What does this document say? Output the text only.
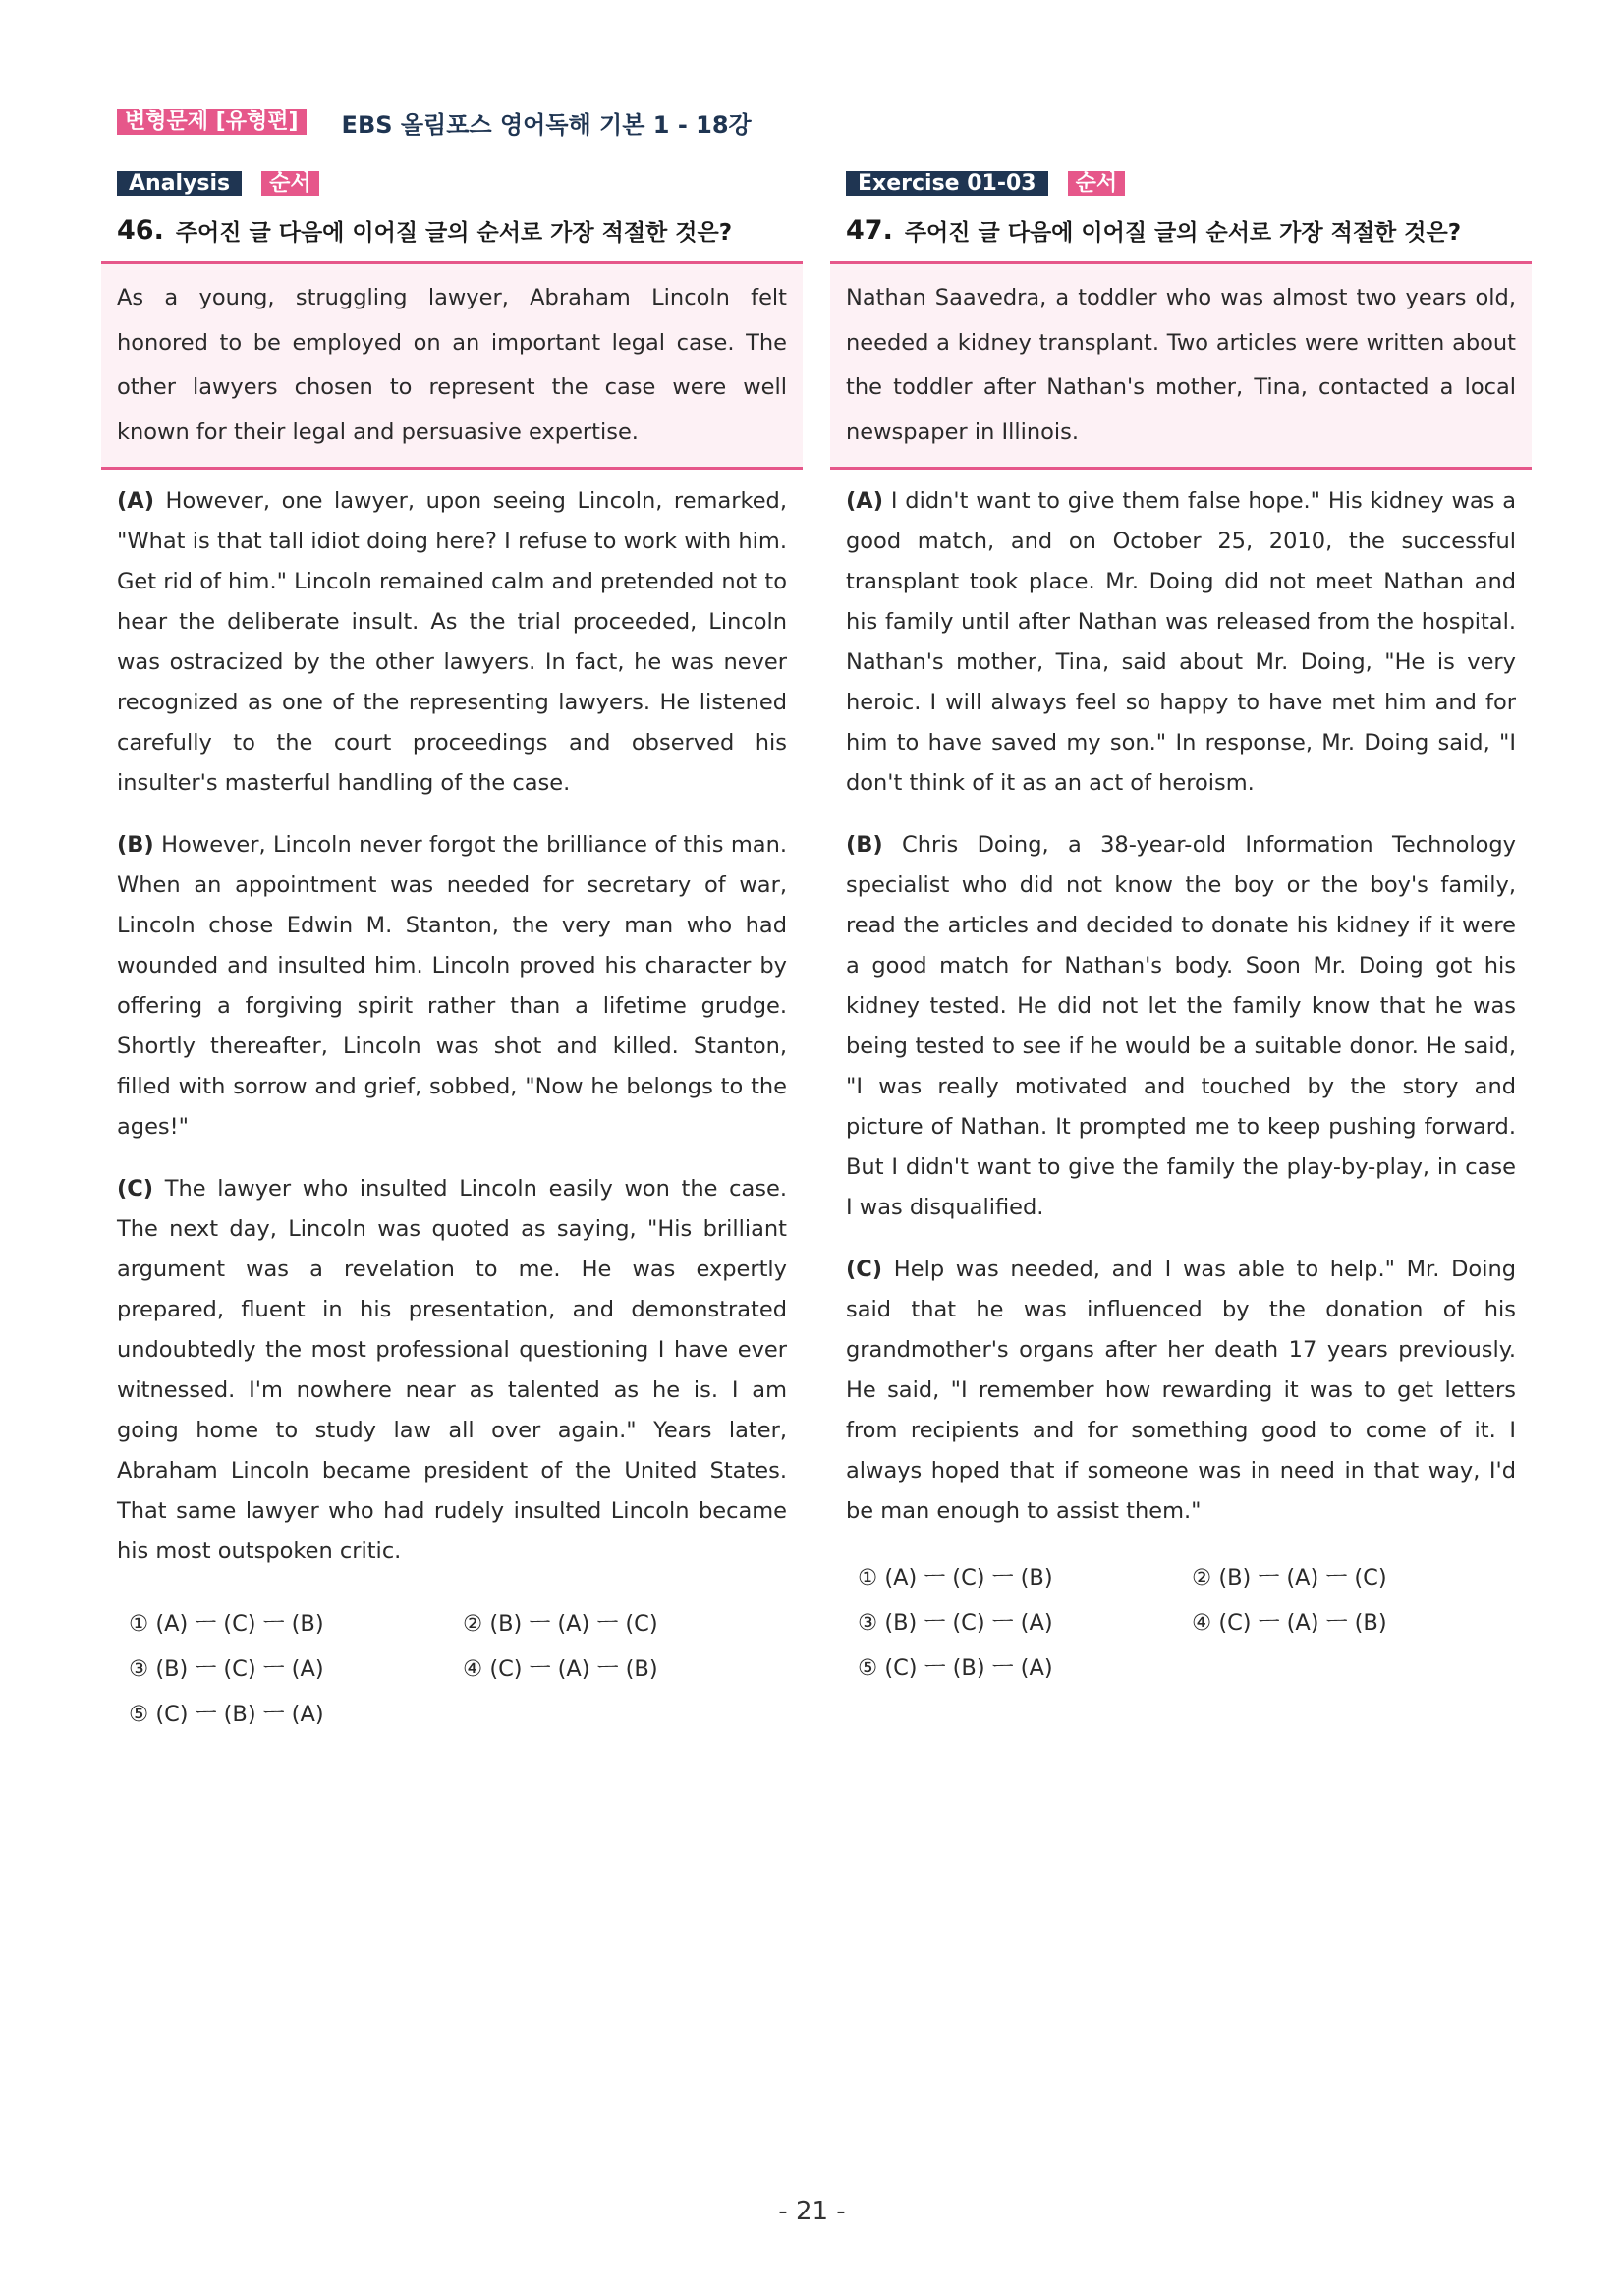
변형문제 [유형편]	EBS 올림포스 영어독해 기본 1 - 18강
Analysis	순서
46. 주어진 글 다음에 이어질 글의 순서로 가장 적절한 것은?

As a young, struggling lawyer, Abraham Lincoln felt honored to be employed on an important legal case. The other lawyers chosen to represent the case were well known for their legal and persuasive expertise.

(A) However, one lawyer, upon seeing Lincoln, remarked, "What is that tall idiot doing here? I refuse to work with him. Get rid of him." Lincoln remained calm and pretended not to hear the deliberate insult. As the trial proceeded, Lincoln was ostracized by the other lawyers. In fact, he was never recognized as one of the representing lawyers. He listened carefully to the court proceedings and observed his insulter's masterful handling of the case.

(B) However, Lincoln never forgot the brilliance of this man. When an appointment was needed for secretary of war, Lincoln chose Edwin M. Stanton, the very man who had wounded and insulted him. Lincoln proved his character by offering a forgiving spirit rather than a lifetime grudge. Shortly thereafter, Lincoln was shot and killed. Stanton, filled with sorrow and grief, sobbed, "Now he belongs to the ages!"

(C) The lawyer who insulted Lincoln easily won the case. The next day, Lincoln was quoted as saying, "His brilliant argument was a revelation to me. He was expertly prepared, fluent in his presentation, and demonstrated undoubtedly the most professional questioning I have ever witnessed. I'm nowhere near as talented as he is. I am going home to study law all over again." Years later, Abraham Lincoln became president of the United States. That same lawyer who had rudely insulted Lincoln became his most outspoken critic.

① (A) ㅡ (C) ㅡ (B)	② (B) ㅡ (A) ㅡ (C)
③ (B) ㅡ (C) ㅡ (A)	④ (C) ㅡ (A) ㅡ (B)
⑤ (C) ㅡ (B) ㅡ (A)
Exercise 01-03	순서
47. 주어진 글 다음에 이어질 글의 순서로 가장 적절한 것은?

Nathan Saavedra, a toddler who was almost two years old, needed a kidney transplant. Two articles were written about the toddler after Nathan's mother, Tina, contacted a local newspaper in Illinois.

(A) I didn't want to give them false hope." His kidney was a good match, and on October 25, 2010, the successful transplant took place. Mr. Doing did not meet Nathan and his family until after Nathan was released from the hospital. Nathan's mother, Tina, said about Mr. Doing, "He is very heroic. I will always feel so happy to have met him and for him to have saved my son." In response, Mr. Doing said, "I don't think of it as an act of heroism.

(B) Chris Doing, a 38-year-old Information Technology specialist who did not know the boy or the boy's family, read the articles and decided to donate his kidney if it were a good match for Nathan's body. Soon Mr. Doing got his kidney tested. He did not let the family know that he was being tested to see if he would be a suitable donor. He said, "I was really motivated and touched by the story and picture of Nathan. It prompted me to keep pushing forward. But I didn't want to give the family the play-by-play, in case I was disqualified.

(C) Help was needed, and I was able to help." Mr. Doing said that he was influenced by the donation of his grandmother's organs after her death 17 years previously. He said, "I remember how rewarding it was to get letters from recipients and for something good to come of it. I always hoped that if someone was in need in that way, I'd be man enough to assist them."

① (A) ㅡ (C) ㅡ (B)	② (B) ㅡ (A) ㅡ (C)
③ (B) ㅡ (C) ㅡ (A)	④ (C) ㅡ (A) ㅡ (B)
⑤ (C) ㅡ (B) ㅡ (A)
- 21 -
